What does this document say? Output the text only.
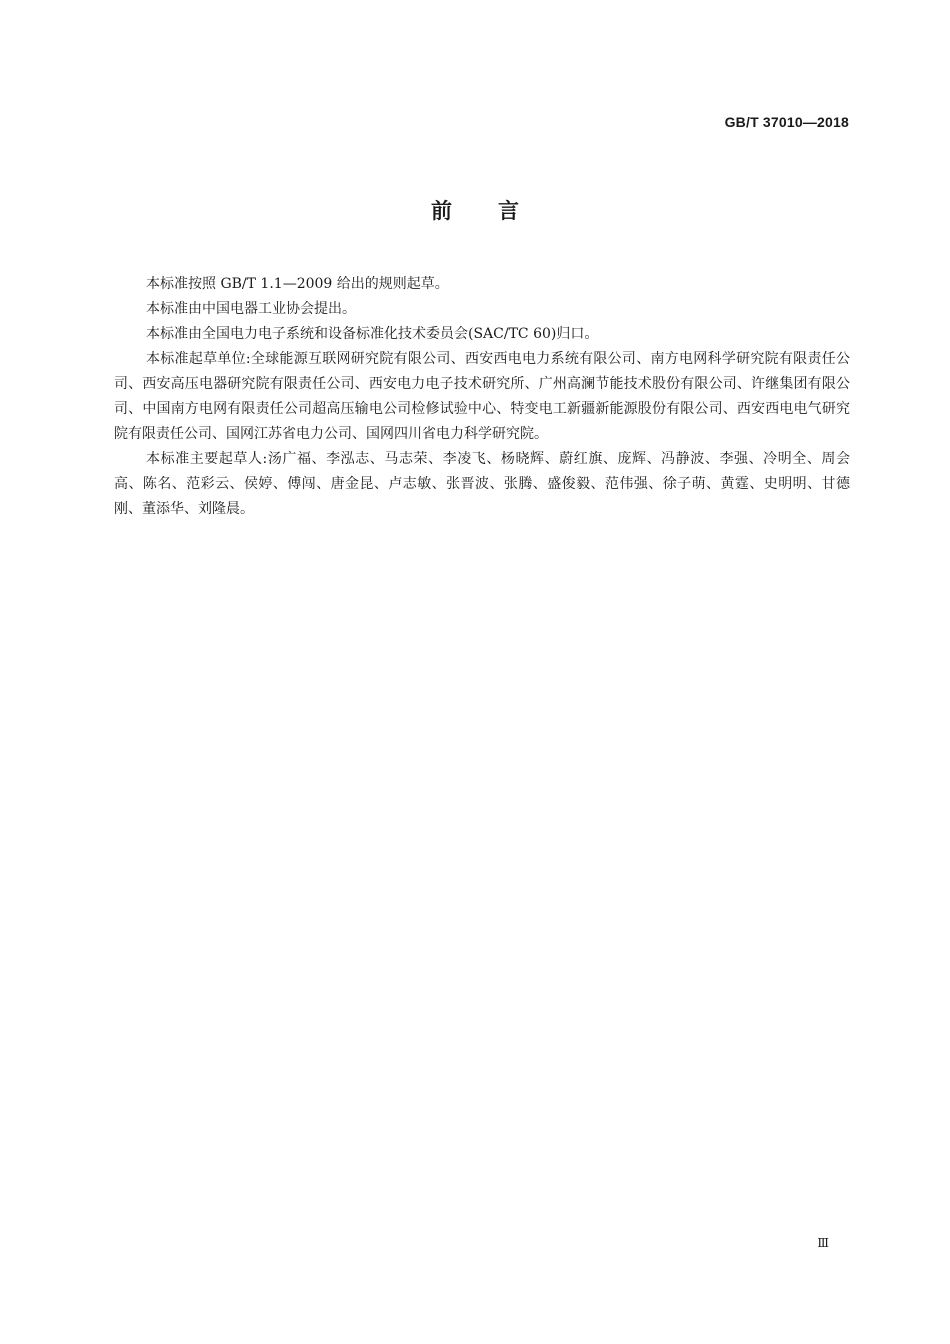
GB/T 37010—2018
前言

本标准按照 GB/T 1.1—2009 给出的规则起草。

本标准由中国电器工业协会提出。

本标准由全国电力电子系统和设备标准化技术委员会(SAC/TC 60)归口。

本标准起草单位:全球能源互联网研究院有限公司、西安西电电力系统有限公司、南方电网科学研究院有限责任公司、西安高压电器研究院有限责任公司、西安电力电子技术研究所、广州高澜节能技术股份有限公司、许继集团有限公司、中国南方电网有限责任公司超高压输电公司检修试验中心、特变电工新疆新能源股份有限公司、西安西电电气研究院有限责任公司、国网江苏省电力公司、国网四川省电力科学研究院。

本标准主要起草人:汤广福、李泓志、马志荣、李凌飞、杨晓辉、蔚红旗、庞辉、冯静波、李强、冷明全、周会高、陈名、范彩云、侯婷、傅闯、唐金昆、卢志敏、张晋波、张腾、盛俊毅、范伟强、徐子萌、黄霆、史明明、甘德刚、董添华、刘隆晨。

Ⅲ
